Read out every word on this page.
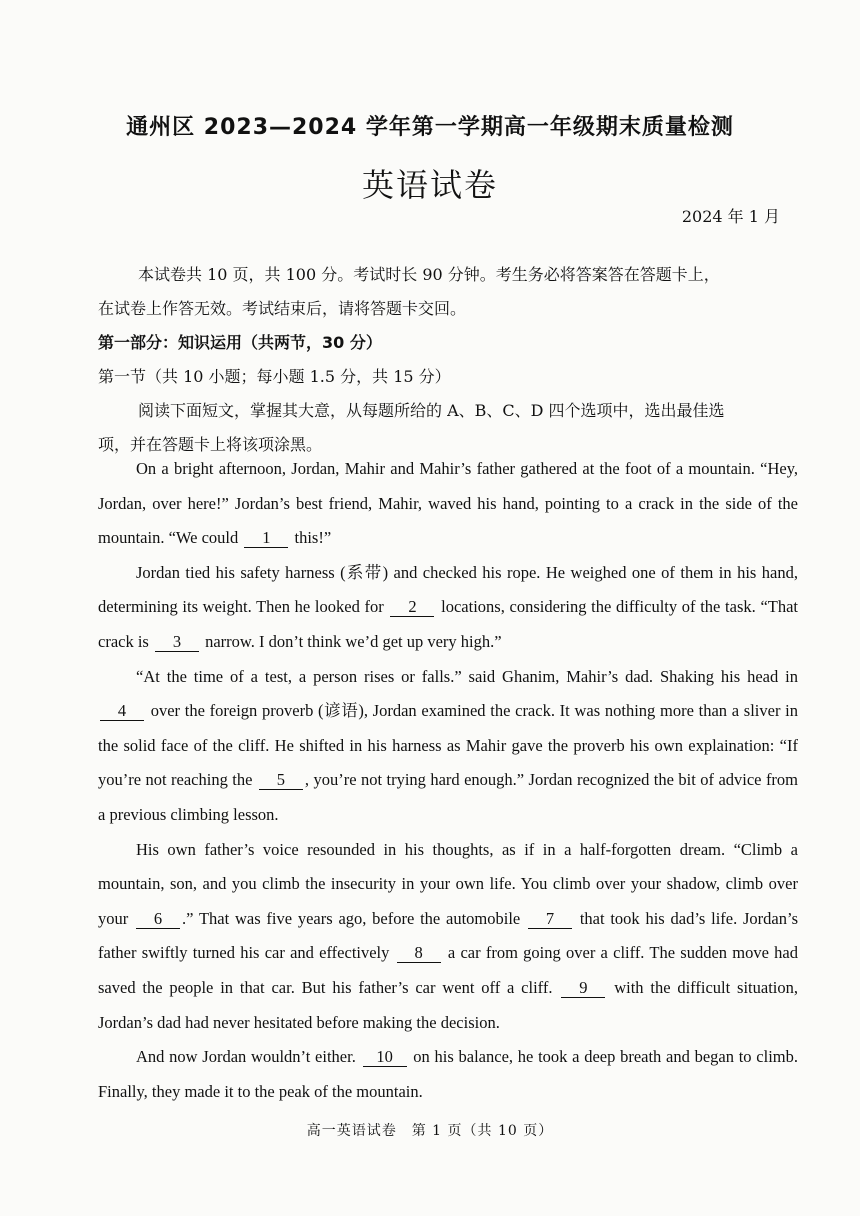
通州区 2023—2024 学年第一学期高一年级期末质量检测
英语试卷
2024 年 1 月
本试卷共 10 页，共 100 分。考试时长 90 分钟。考生务必将答案答在答题卡上，
在试卷上作答无效。考试结束后，请将答题卡交回。
第一部分：知识运用（共两节，30 分）
第一节（共 10 小题；每小题 1.5 分，共 15 分）
阅读下面短文，掌握其大意，从每题所给的 A、B、C、D 四个选项中，选出最佳选
项，并在答题卡上将该项涂黑。

On a bright afternoon, Jordan, Mahir and Mahir’s father gathered at the foot of a mountain. “Hey, Jordan, over here!” Jordan’s best friend, Mahir, waved his hand, pointing to a crack in the side of the mountain. “We could 1 this!”

Jordan tied his safety harness (系带) and checked his rope. He weighed one of them in his hand, determining its weight. Then he looked for 2 locations, considering the difficulty of the task. “That crack is 3 narrow. I don’t think we’d get up very high.”

“At the time of a test, a person rises or falls.” said Ghanim, Mahir’s dad. Shaking his head in 4 over the foreign proverb (谚语), Jordan examined the crack. It was nothing more than a sliver in the solid face of the cliff. He shifted in his harness as Mahir gave the proverb his own explaination: “If you’re not reaching the 5 , you’re not trying hard enough.” Jordan recognized the bit of advice from a previous climbing lesson.

His own father’s voice resounded in his thoughts, as if in a half-forgotten dream. “Climb a mountain, son, and you climb the insecurity in your own life. You climb over your shadow, climb over your 6 .” That was five years ago, before the automobile 7 that took his dad’s life. Jordan’s father swiftly turned his car and effectively 8 a car from going over a cliff. The sudden move had saved the people in that car. But his father’s car went off a cliff. 9 with the difficult situation, Jordan’s dad had never hesitated before making the decision.

And now Jordan wouldn’t either. 10 on his balance, he took a deep breath and began to climb. Finally, they made it to the peak of the mountain.

高一英语试卷　第 1 页（共 10 页）
